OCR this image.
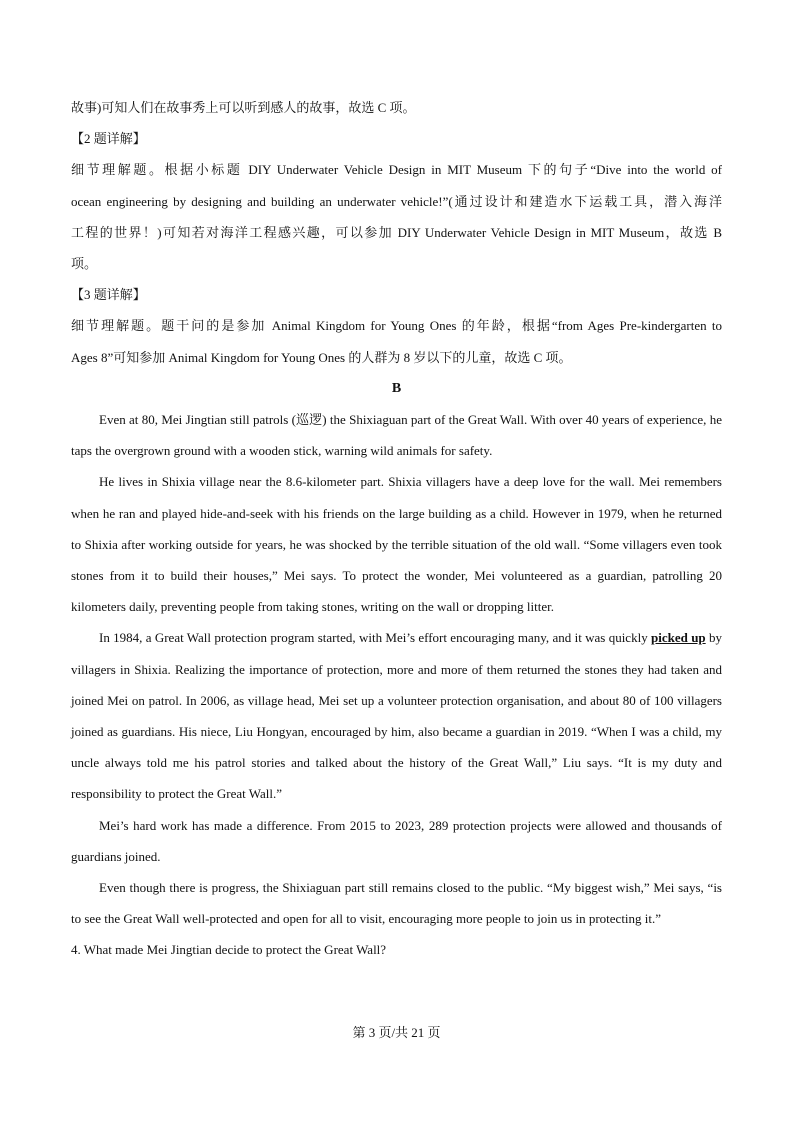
故事)可知人们在故事秀上可以听到感人的故事，故选 C 项。

【2 题详解】

细节理解题。根据小标题 DIY Underwater Vehicle Design in MIT Museum 下的句子“Dive into the world of

ocean engineering by designing and building an underwater vehicle!”(通过设计和建造水下运载工具，潜入海洋

工程的世界！)可知若对海洋工程感兴趣，可以参加 DIY Underwater Vehicle Design in MIT Museum，故选 B

项。

【3 题详解】

细节理解题。题干问的是参加 Animal Kingdom for Young Ones 的年龄，根据“from Ages Pre-kindergarten to

Ages 8”可知参加 Animal Kingdom for Young Ones 的人群为 8 岁以下的儿童，故选 C 项。

B

Even at 80, Mei Jingtian still patrols (巡逻) the Shixiaguan part of the Great Wall. With over 40 years of experience, he taps the overgrown ground with a wooden stick, warning wild animals for safety.

He lives in Shixia village near the 8.6-kilometer part. Shixia villagers have a deep love for the wall. Mei remembers when he ran and played hide-and-seek with his friends on the large building as a child. However in 1979, when he returned to Shixia after working outside for years, he was shocked by the terrible situation of the old wall. “Some villagers even took stones from it to build their houses,” Mei says. To protect the wonder, Mei volunteered as a guardian, patrolling 20 kilometers daily, preventing people from taking stones, writing on the wall or dropping litter.

In 1984, a Great Wall protection program started, with Mei’s effort encouraging many, and it was quickly picked up by villagers in Shixia. Realizing the importance of protection, more and more of them returned the stones they had taken and joined Mei on patrol. In 2006, as village head, Mei set up a volunteer protection organisation, and about 80 of 100 villagers joined as guardians. His niece, Liu Hongyan, encouraged by him, also became a guardian in 2019. “When I was a child, my uncle always told me his patrol stories and talked about the history of the Great Wall,” Liu says. “It is my duty and responsibility to protect the Great Wall.”

Mei’s hard work has made a difference. From 2015 to 2023, 289 protection projects were allowed and thousands of guardians joined.

Even though there is progress, the Shixiaguan part still remains closed to the public. “My biggest wish,” Mei says, “is to see the Great Wall well-protected and open for all to visit, encouraging more people to join us in protecting it.”

4. What made Mei Jingtian decide to protect the Great Wall?

第 3 页/共 21 页
